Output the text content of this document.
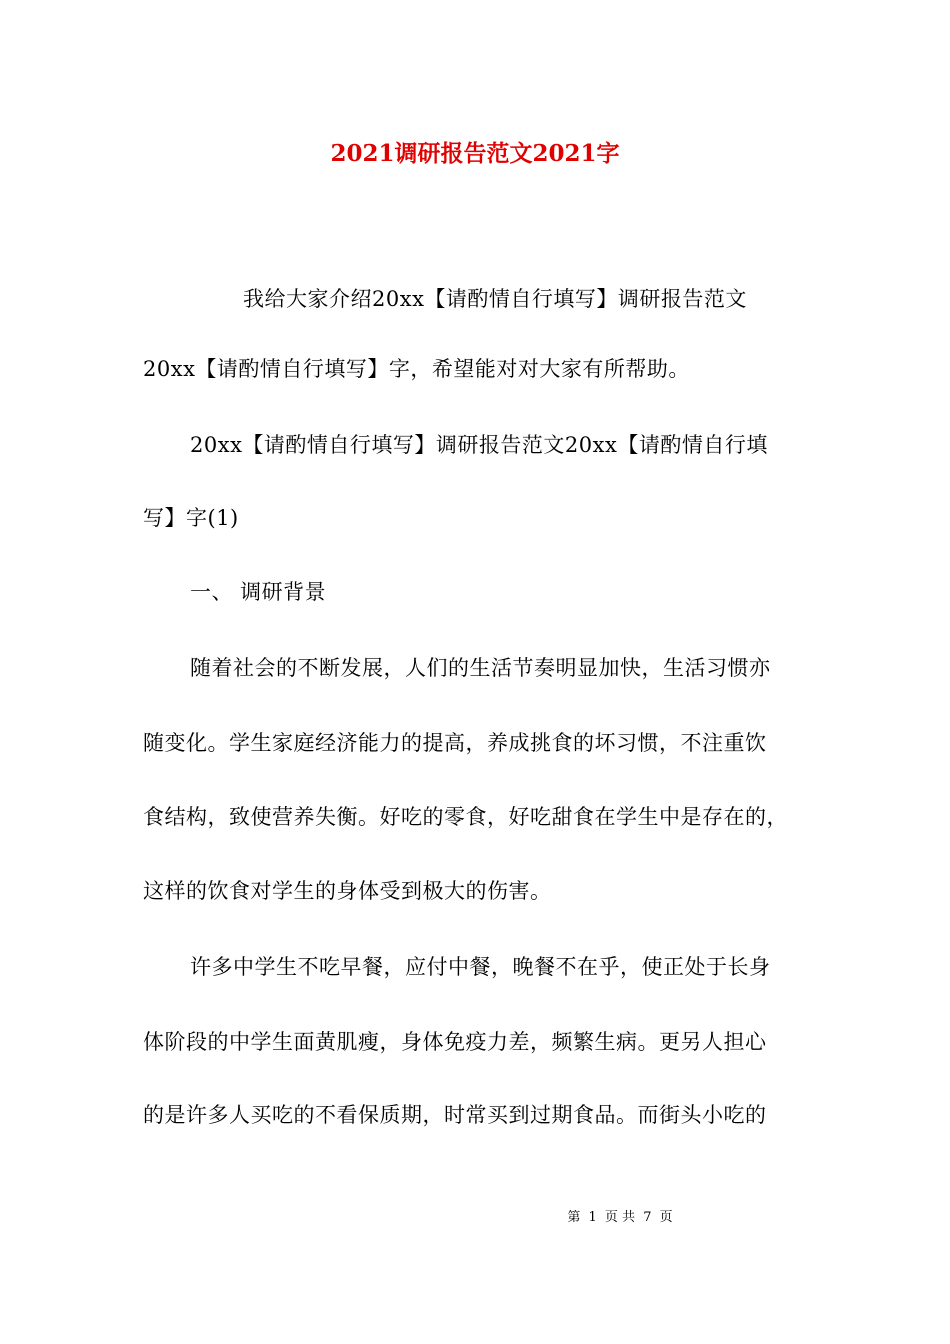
2021调研报告范文2021字
我给大家介绍20xx【请酌情自行填写】调研报告范文
20xx【请酌情自行填写】字，希望能对对大家有所帮助。
20xx【请酌情自行填写】调研报告范文20xx【请酌情自行填
写】字(1)
一、 调研背景
随着社会的不断发展，人们的生活节奏明显加快，生活习惯亦
随变化。学生家庭经济能力的提高，养成挑食的坏习惯，不注重饮
食结构，致使营养失衡。好吃的零食，好吃甜食在学生中是存在的，
这样的饮食对学生的身体受到极大的伤害。
许多中学生不吃早餐，应付中餐，晚餐不在乎，使正处于长身
体阶段的中学生面黄肌瘦，身体免疫力差，频繁生病。更另人担心
的是许多人买吃的不看保质期，时常买到过期食品。而街头小吃的
第 1 页 共 7 页
